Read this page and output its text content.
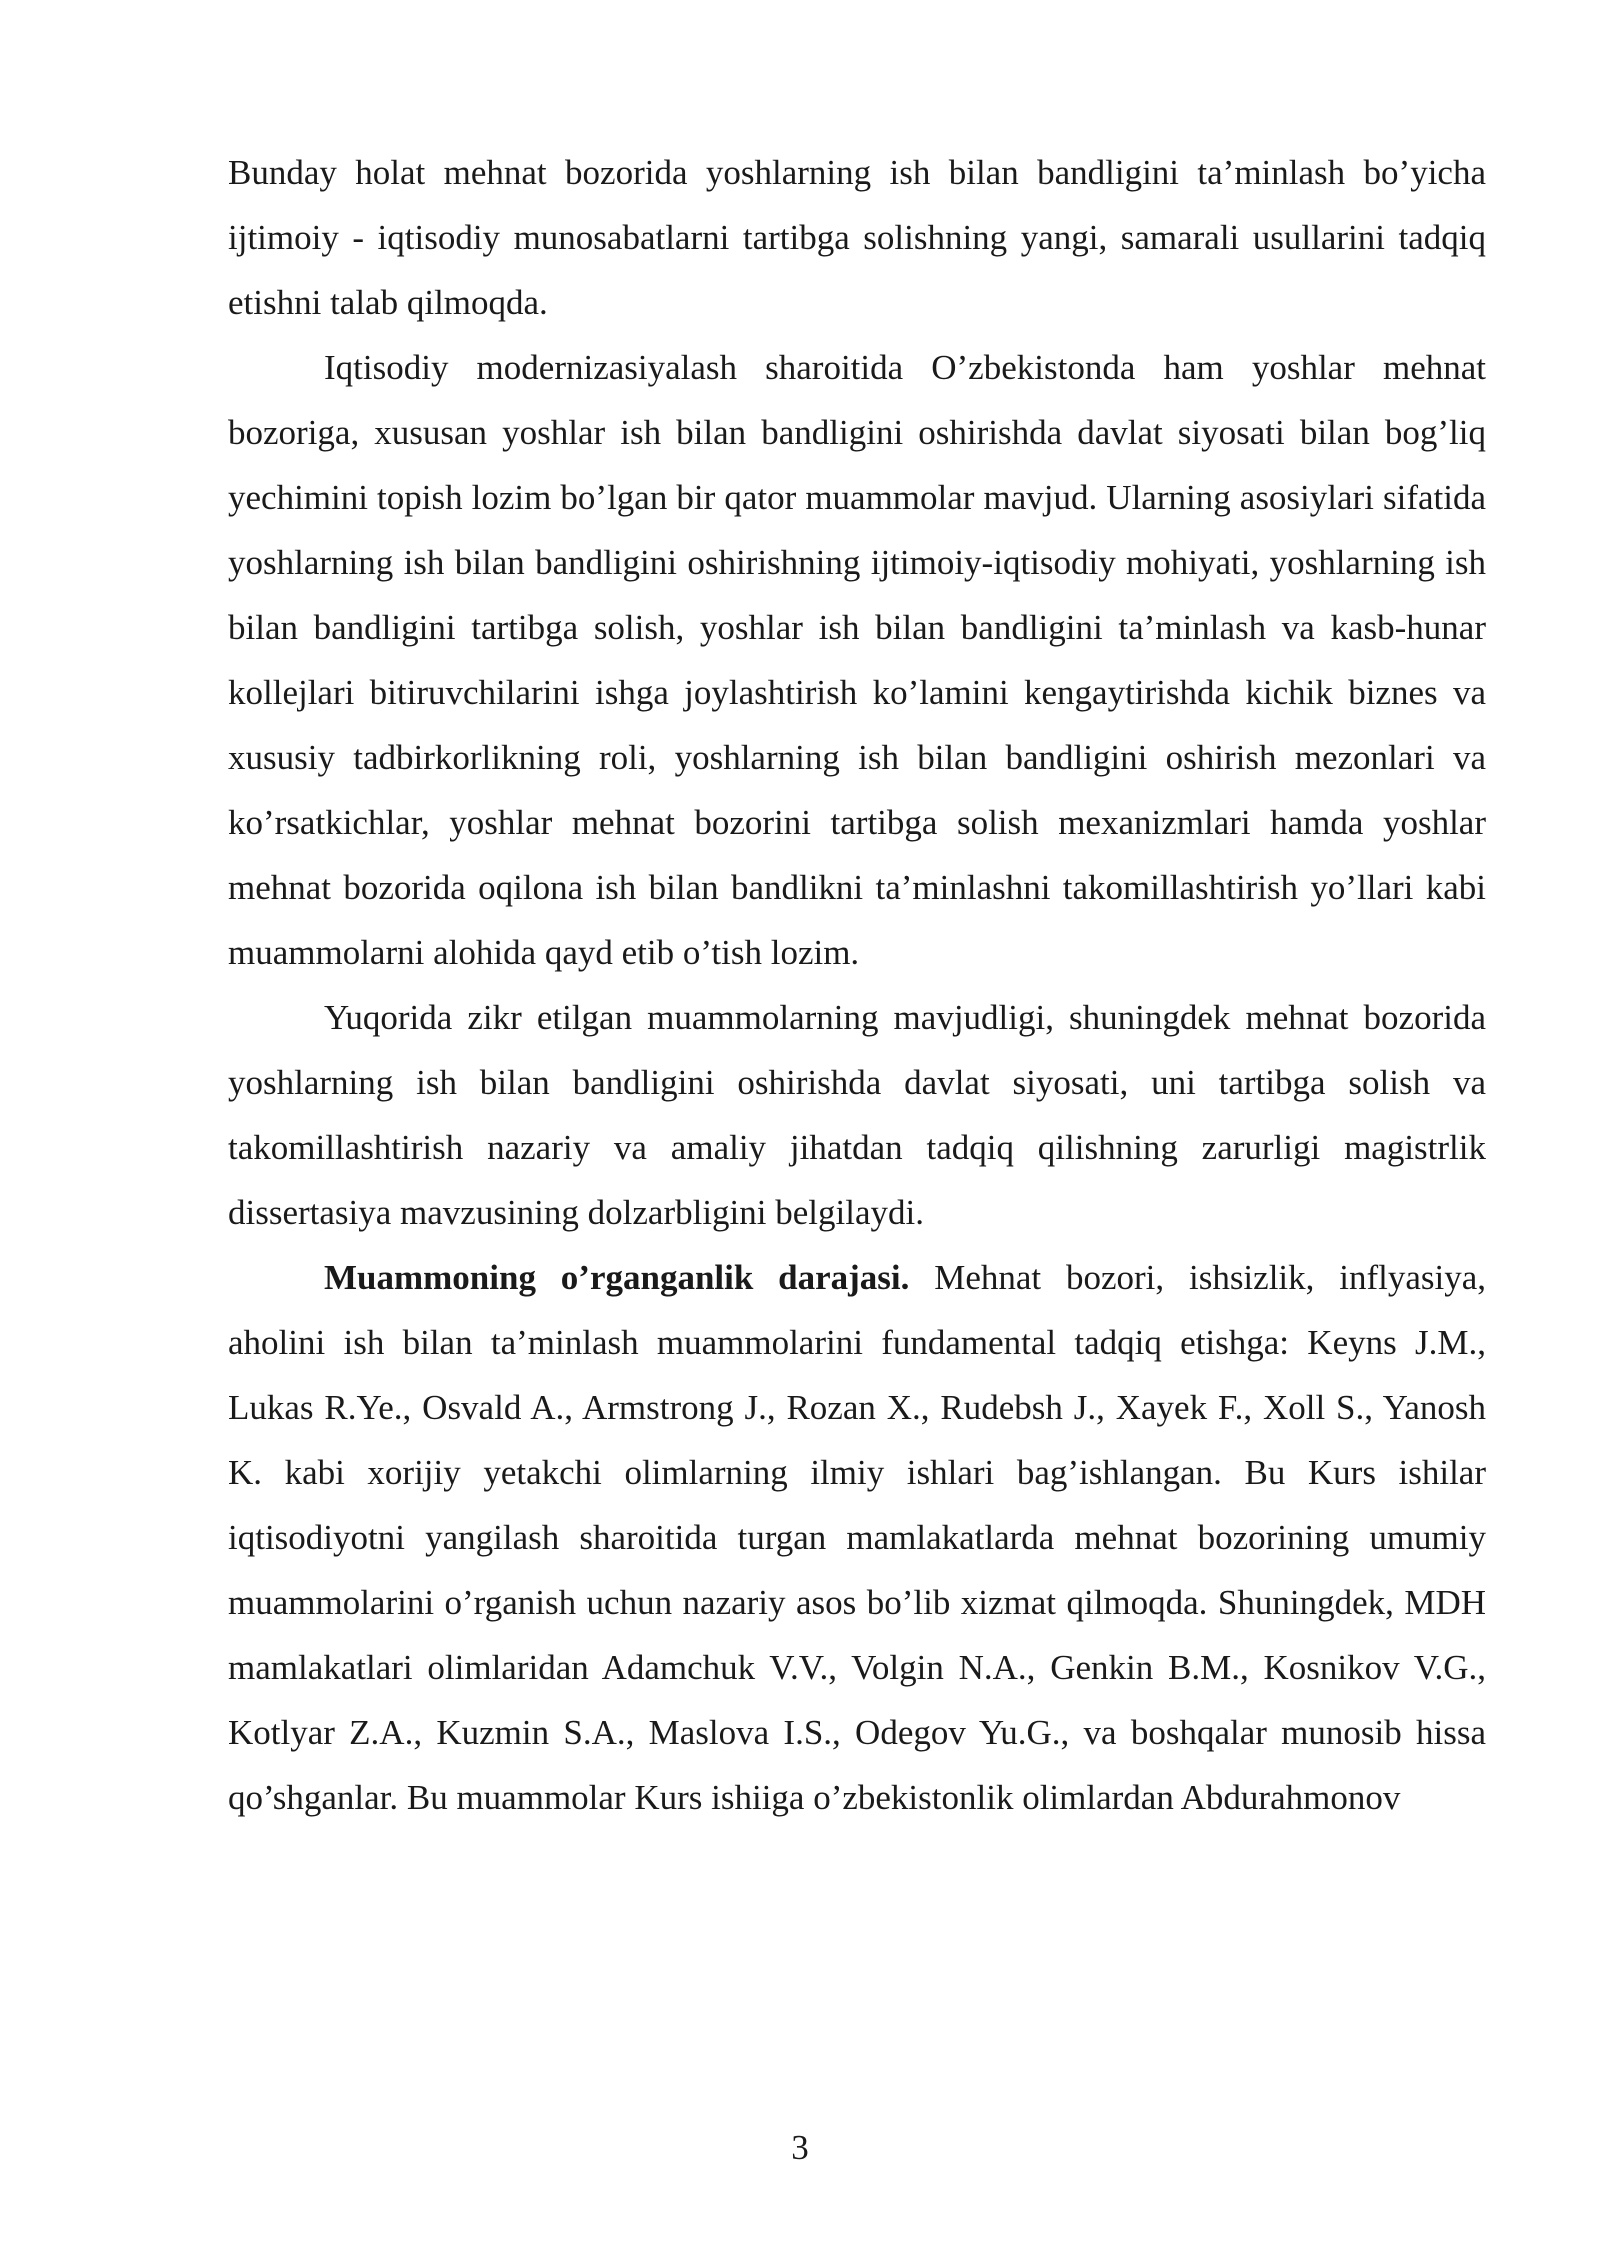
Bunday holat mehnat bozorida yoshlarning ish bilan bandligini ta’minlash bo’yicha ijtimoiy - iqtisodiy munosabatlarni tartibga solishning yangi, samarali usullarini tadqiq etishni talab qilmoqda.

Iqtisodiy modernizasiyalash sharoitida O’zbekistonda ham yoshlar mehnat bozoriga, xususan yoshlar ish bilan bandligini oshirishda davlat siyosati bilan bog’liq yechimini topish lozim bo’lgan bir qator muammolar mavjud. Ularning asosiylari sifatida yoshlarning ish bilan bandligini oshirishning ijtimoiy-iqtisodiy mohiyati, yoshlarning ish bilan bandligini tartibga solish, yoshlar ish bilan bandligini ta’minlash va kasb-hunar kollejlari bitiruvchilarini ishga joylashtirish ko’lamini kengaytirishda kichik biznes va xususiy tadbirkorlikning roli, yoshlarning ish bilan bandligini oshirish mezonlari va ko’rsatkichlar, yoshlar mehnat bozorini tartibga solish mexanizmlari hamda yoshlar mehnat bozorida oqilona ish bilan bandlikni ta’minlashni takomillashtirish yo’llari kabi muammolarni alohida qayd etib o’tish lozim.

Yuqorida zikr etilgan muammolarning mavjudligi, shuningdek mehnat bozorida yoshlarning ish bilan bandligini oshirishda davlat siyosati, uni tartibga solish va takomillashtirish nazariy va amaliy jihatdan tadqiq qilishning zarurligi magistrlik dissertasiya mavzusining dolzarbligini belgilaydi.

Muammoning o’rganganlik darajasi. Mehnat bozori, ishsizlik, inflyasiya, aholini ish bilan ta’minlash muammolarini fundamental tadqiq etishga: Keyns J.M., Lukas R.Ye., Osvald A., Armstrong J., Rozan X., Rudebsh J., Xayek F., Xoll S., Yanosh K. kabi xorijiy yetakchi olimlarning ilmiy ishlari bag’ishlangan. Bu Kurs ishilar iqtisodiyotni yangilash sharoitida turgan mamlakatlarda mehnat bozorining umumiy muammolarini o’rganish uchun nazariy asos bo’lib xizmat qilmoqda. Shuningdek, MDH mamlakatlari olimlaridan Adamchuk V.V., Volgin N.A., Genkin B.M., Kosnikov V.G., Kotlyar Z.A., Kuzmin S.A., Maslova I.S., Odegov Yu.G., va boshqalar munosib hissa qo’shganlar. Bu muammolar Kurs ishiiga o’zbekistonlik olimlardan Abdurahmonov

3
